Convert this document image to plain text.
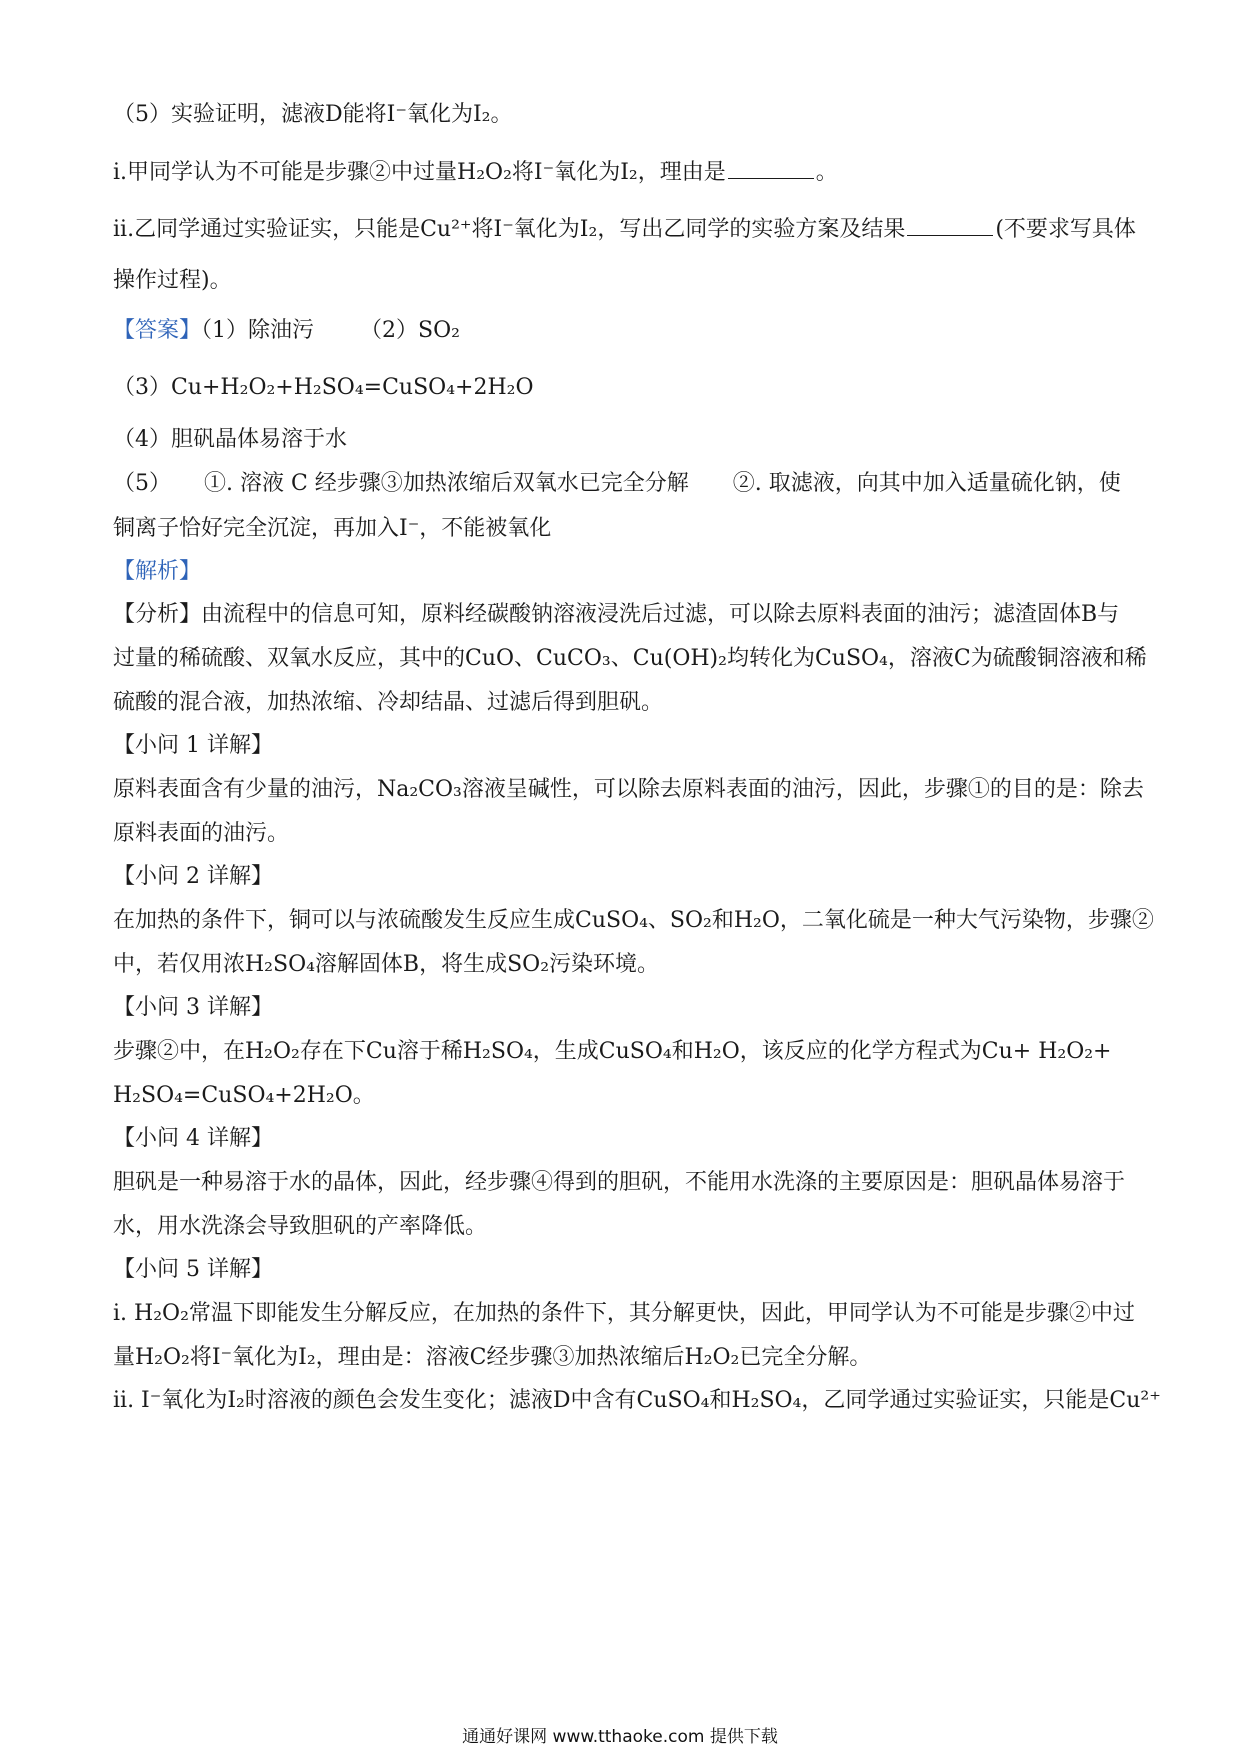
（5）实验证明，滤液D能将I⁻氧化为I₂。
i.甲同学认为不可能是步骤②中过量H₂O₂将I⁻氧化为I₂，理由是	。
ii.乙同学通过实验证实，只能是Cu²⁺将I⁻氧化为I₂，写出乙同学的实验方案及结果	(不要求写具体
操作过程)。
【答案】（1）除油污 （2）SO₂
（3）Cu+H₂O₂+H₂SO₄=CuSO₄+2H₂O
（4）胆矾晶体易溶于水
（5）　　①. 溶液 C 经步骤③加热浓缩后双氧水已完全分解　　②. 取滤液，向其中加入适量硫化钠，使
铜离子恰好完全沉淀，再加入I⁻，不能被氧化
【解析】
【分析】由流程中的信息可知，原料经碳酸钠溶液浸洗后过滤，可以除去原料表面的油污；滤渣固体B与
过量的稀硫酸、双氧水反应，其中的CuO、CuCO₃、Cu(OH)₂均转化为CuSO₄，溶液C为硫酸铜溶液和稀
硫酸的混合液，加热浓缩、冷却结晶、过滤后得到胆矾。
【小问 1 详解】
原料表面含有少量的油污，Na₂CO₃溶液呈碱性，可以除去原料表面的油污，因此，步骤①的目的是：除去
原料表面的油污。
【小问 2 详解】
在加热的条件下，铜可以与浓硫酸发生反应生成CuSO₄、SO₂和H₂O，二氧化硫是一种大气污染物，步骤②
中，若仅用浓H₂SO₄溶解固体B，将生成SO₂污染环境。
【小问 3 详解】
步骤②中，在H₂O₂存在下Cu溶于稀H₂SO₄，生成CuSO₄和H₂O，该反应的化学方程式为Cu+ H₂O₂+
H₂SO₄=CuSO₄+2H₂O。
【小问 4 详解】
胆矾是一种易溶于水的晶体，因此，经步骤④得到的胆矾，不能用水洗涤的主要原因是：胆矾晶体易溶于
水，用水洗涤会导致胆矾的产率降低。
【小问 5 详解】
i. H₂O₂常温下即能发生分解反应，在加热的条件下，其分解更快，因此，甲同学认为不可能是步骤②中过
量H₂O₂将I⁻氧化为I₂，理由是：溶液C经步骤③加热浓缩后H₂O₂已完全分解。
ii. I⁻氧化为I₂时溶液的颜色会发生变化；滤液D中含有CuSO₄和H₂SO₄，乙同学通过实验证实，只能是Cu²⁺
通通好课网 www.tthaoke.com 提供下载
